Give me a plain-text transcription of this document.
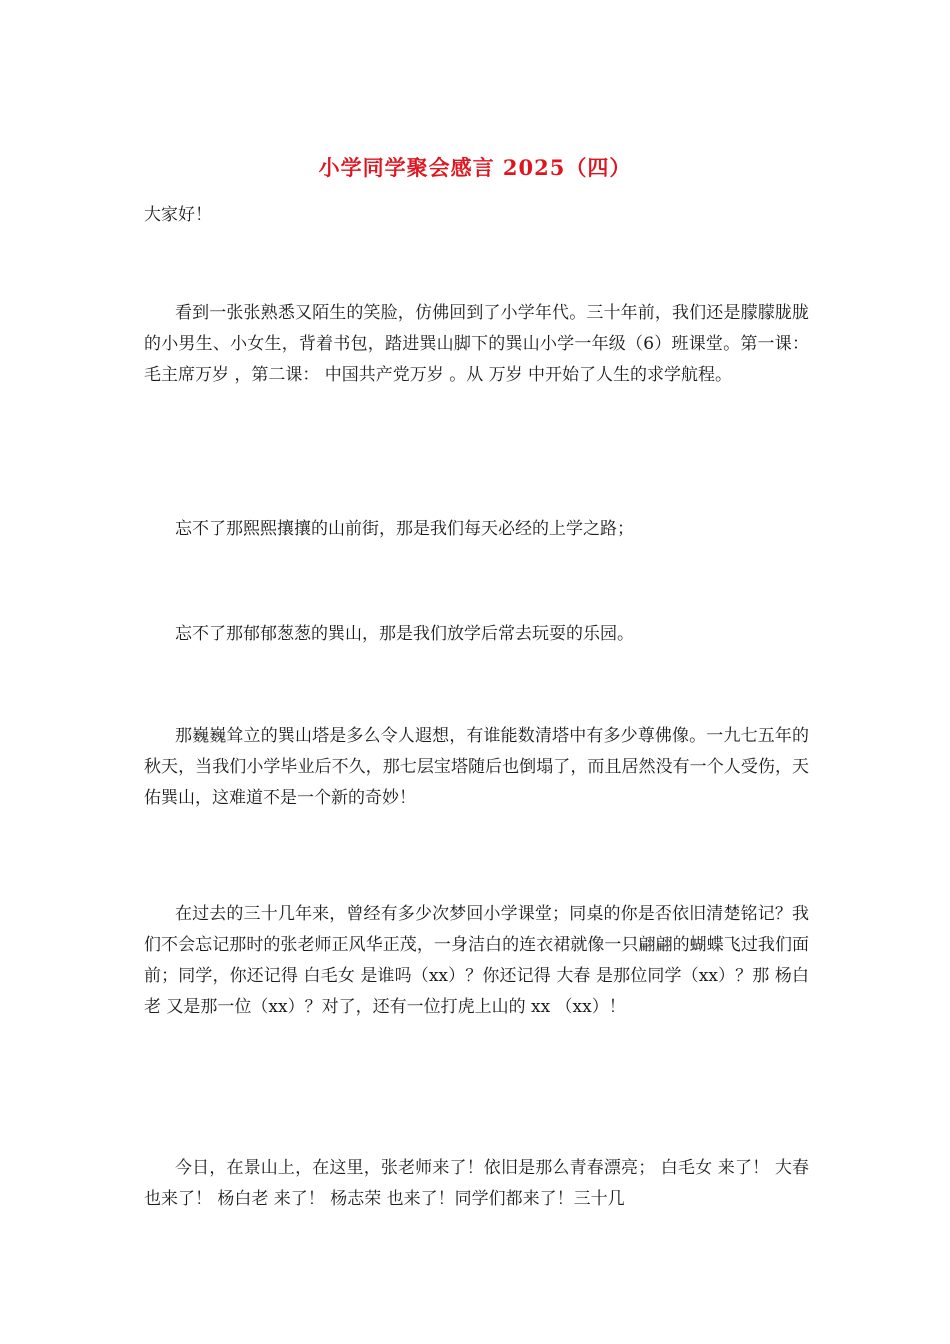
小学同学聚会感言 2025（四）

大家好！

看到一张张熟悉又陌生的笑脸，仿佛回到了小学年代。三十年前，我们还是朦朦胧胧的小男生、小女生，背着书包，踏进巽山脚下的巽山小学一年级（6）班课堂。第一课： 毛主席万岁 ，第二课： 中国共产党万岁 。从 万岁 中开始了人生的求学航程。

忘不了那熙熙攘攘的山前街，那是我们每天必经的上学之路；

忘不了那郁郁葱葱的巽山，那是我们放学后常去玩耍的乐园。

那巍巍耸立的巽山塔是多么令人遐想，有谁能数清塔中有多少尊佛像。一九七五年的秋天，当我们小学毕业后不久，那七层宝塔随后也倒塌了，而且居然没有一个人受伤，天佑巽山，这难道不是一个新的奇妙！

在过去的三十几年来，曾经有多少次梦回小学课堂；同桌的你是否依旧清楚铭记？我们不会忘记那时的张老师正风华正茂，一身洁白的连衣裙就像一只翩翩的蝴蝶飞过我们面前；同学，你还记得 白毛女 是谁吗（xx）？你还记得 大春 是那位同学（xx）？那 杨白老 又是那一位（xx）？对了，还有一位打虎上山的 xx （xx）！

今日，在景山上，在这里，张老师来了！依旧是那么青春漂亮； 白毛女 来了！ 大春 也来了！ 杨白老 来了！ 杨志荣 也来了！同学们都来了！三十几
